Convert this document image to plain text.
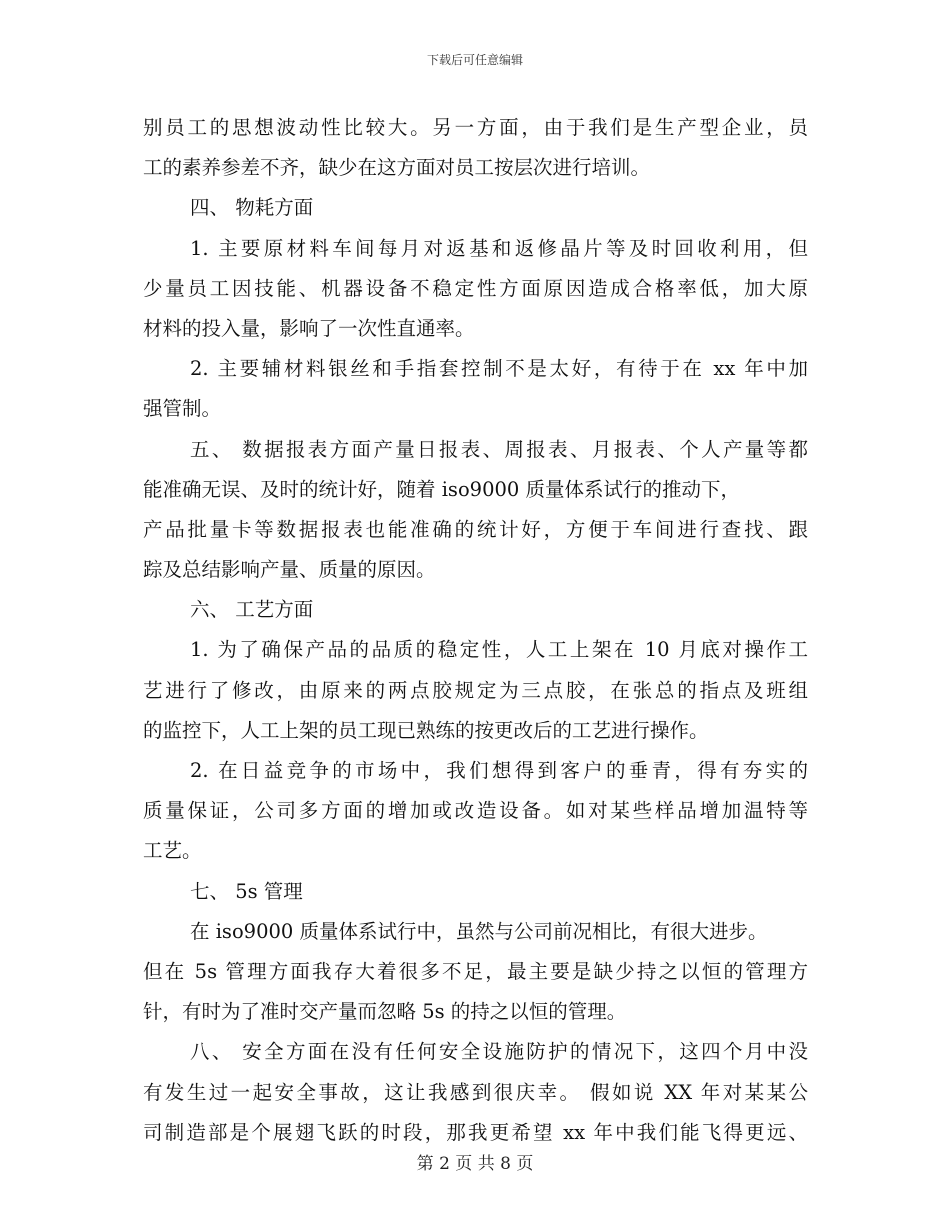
下载后可任意编辑
别员工的思想波动性比较大。另一方面，由于我们是生产型企业，员
工的素养参差不齐，缺少在这方面对员工按层次进行培训。
四、 物耗方面
1. 主要原材料车间每月对返基和返修晶片等及时回收利用，但
少量员工因技能、机器设备不稳定性方面原因造成合格率低，加大原
材料的投入量，影响了一次性直通率。
2. 主要辅材料银丝和手指套控制不是太好，有待于在 xx 年中加
强管制。
五、 数据报表方面产量日报表、周报表、月报表、个人产量等都
能准确无误、及时的统计好，随着 iso9000 质量体系试行的推动下，
产品批量卡等数据报表也能准确的统计好，方便于车间进行查找、跟
踪及总结影响产量、质量的原因。
六、 工艺方面
1. 为了确保产品的品质的稳定性，人工上架在 10 月底对操作工
艺进行了修改，由原来的两点胶规定为三点胶，在张总的指点及班组
的监控下，人工上架的员工现已熟练的按更改后的工艺进行操作。
2. 在日益竞争的市场中，我们想得到客户的垂青，得有夯实的
质量保证，公司多方面的增加或改造设备。如对某些样品增加温特等
工艺。
七、 5s 管理
在 iso9000 质量体系试行中，虽然与公司前况相比，有很大进步。
但在 5s 管理方面我存大着很多不足，最主要是缺少持之以恒的管理方
针，有时为了准时交产量而忽略 5s 的持之以恒的管理。
八、 安全方面在没有任何安全设施防护的情况下，这四个月中没
有发生过一起安全事故，这让我感到很庆幸。 假如说 XX 年对某某公
司制造部是个展翅飞跃的时段，那我更希望 xx 年中我们能飞得更远、
第 2 页 共 8 页
